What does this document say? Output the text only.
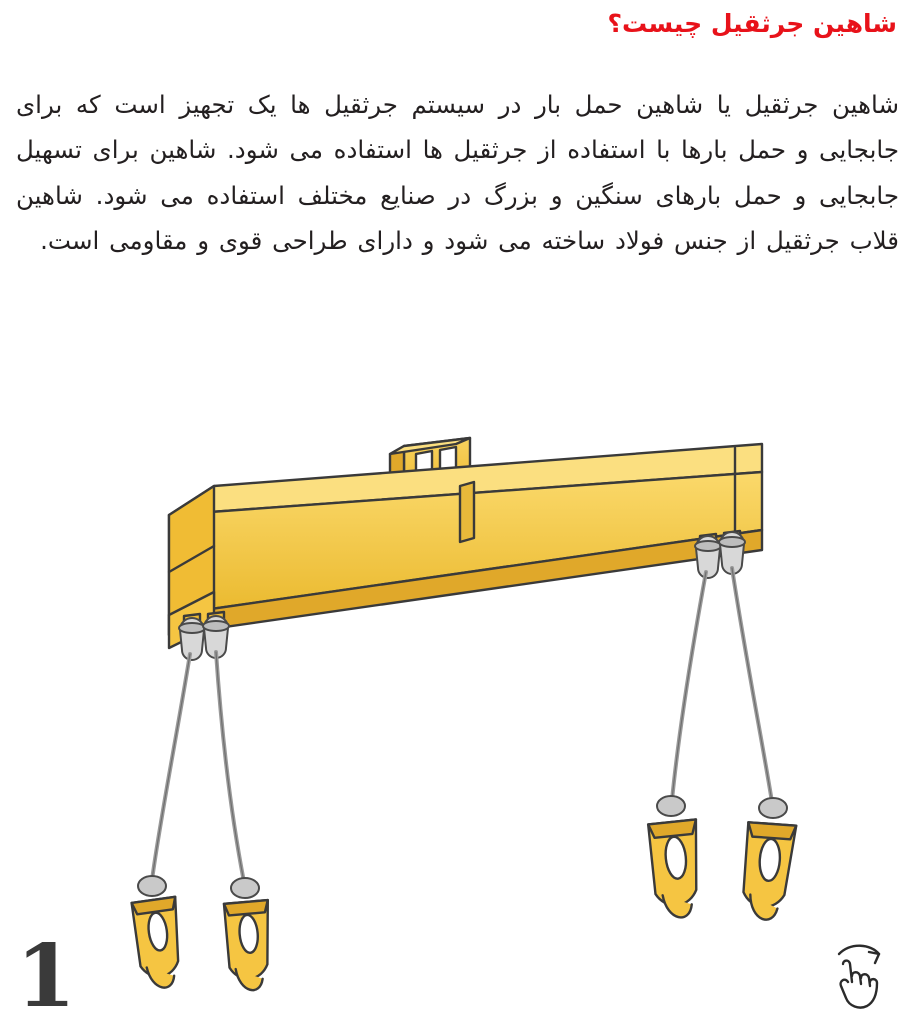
شاهین جرثقیل چیست؟
شاهین جرثقیل یا شاهین حمل بار در سیستم جرثقیل ها یک تجهیز است که برای جابجایی و حمل بارها با استفاده از جرثقیل ها استفاده می شود. شاهین برای تسهیل جابجایی و حمل بارهای سنگین و بزرگ در صنایع مختلف استفاده می شود. شاهین قلاب جرثقیل از جنس فولاد ساخته می شود و دارای طراحی قوی و مقاومی است.
1
